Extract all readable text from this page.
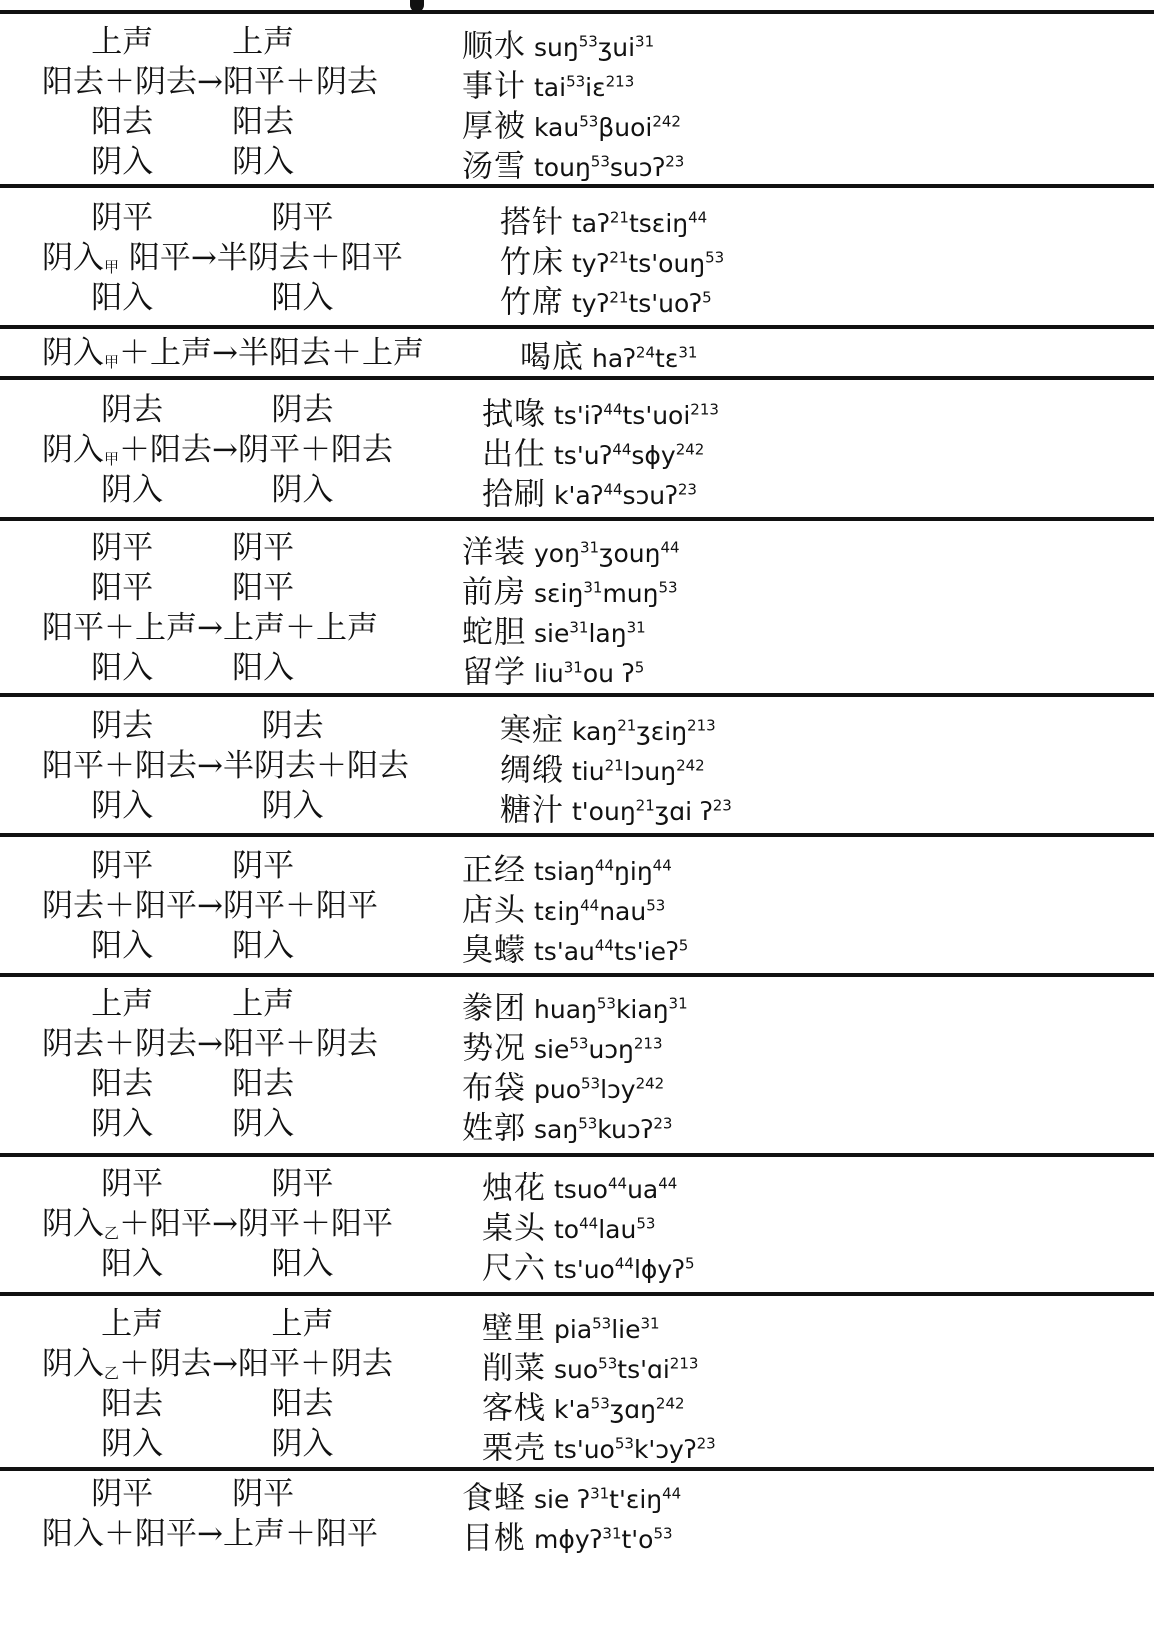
上声        上声	顺水 suŋ$^{53}$ʒui$^{31}$
阳去＋阴去→阳平＋阴去	事计 tai$^{53}$iɛ$^{213}$
阳去        阳去	厚被 kau$^{53}$βuoi$^{242}$
阴入        阴入	汤雪 touŋ$^{53}$suɔʔ$^{23}$
阴平            阴平	搭针 taʔ$^{21}$tsɛiŋ$^{44}$
阴入$_甲$ 阳平→半阴去＋阳平	竹床 tyʔ$^{21}$ts'ouŋ$^{53}$
阳入            阳入	竹席 tyʔ$^{21}$ts'uoʔ$^5$
阴入$_甲$＋上声→半阳去＋上声	喝底 haʔ$^{24}$tɛ$^{31}$
阴去           阴去	拭喙 ts'iʔ$^{44}$ts'uoi$^{213}$
阴入$_甲$＋阳去→阴平＋阳去	出仕 ts'uʔ$^{44}$sɸy$^{242}$
阴入           阴入	拾刷 k'aʔ$^{44}$sɔuʔ$^{23}$
阴平        阴平	洋装 yoŋ$^{31}$ʒouŋ$^{44}$
阳平        阳平	前房 sɛiŋ$^{31}$muŋ$^{53}$
阳平＋上声→上声＋上声	蛇胆 sie$^{31}$laŋ$^{31}$
阳入        阳入	留学 liu$^{31}$ou ʔ$^5$
阴去           阴去	寒症 kaŋ$^{21}$ʒɛiŋ$^{213}$
阳平＋阳去→半阴去＋阳去	绸缎 tiu$^{21}$lɔuŋ$^{242}$
阴入           阴入	糖汁 t'ouŋ$^{21}$ʒɑi ʔ$^{23}$
阴平        阴平	正经 tsiaŋ$^{44}$ŋiŋ$^{44}$
阴去＋阳平→阴平＋阳平	店头 tɛiŋ$^{44}$nau$^{53}$
阳入        阳入	臭蠓 $ts'au^{44}ts'ieʔ^5$
上声        上声	豢团 huaŋ$^{53}$kiaŋ$^{31}$
阴去＋阴去→阳平＋阴去	势况 sie$^{53}$uɔŋ$^{213}$
阳去        阳去	布袋 puo$^{53}$lɔy$^{242}$
阴入        阴入	姓郭 saŋ$^{53}$kuɔʔ$^{23}$
阴平           阴平	烛花 $tsuo^{44}ua^{44}$
阴入$_乙$＋阳平→阴平＋阳平	桌头 $to^{44}lau^{53}$
阳入           阳入	尺六 $ts'uo^{44}lɸyʔ^5$
上声           上声	壁里 pia$^{53}$lie$^{31}$
阴入$_乙$＋阴去→阳平＋阴去	削菜 suo$^{53}$ts'ɑi$^{213}$
阳去           阳去	客栈 $k'a^{53}ʒɑŋ^{242}$
阴入           阴入	栗壳 $ts'uo^{53}k'ɔyʔ^{23}$
阴平        阴平	食蛏 sie ʔ$^{31}$t'ɛiŋ$^{44}$
阳入＋阳平→上声＋阳平	目桃 $mɸyʔ^{31}t'o^{53}$
